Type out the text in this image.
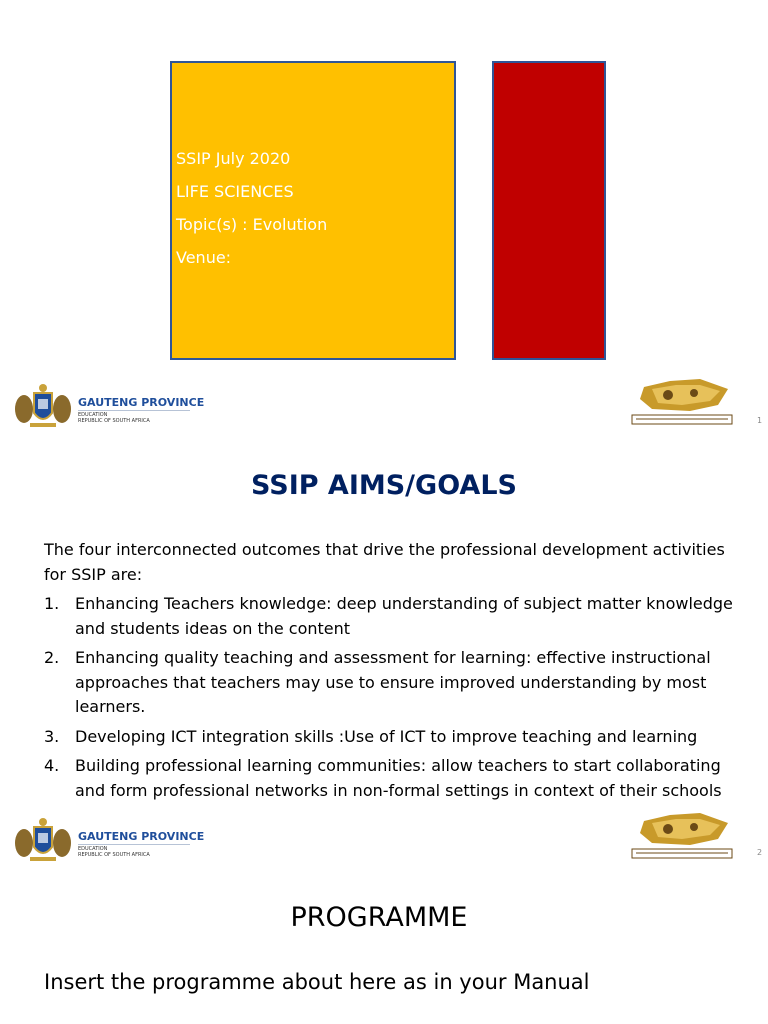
SSIP July 2020
LIFE SCIENCES
Topic(s) : Evolution
Venue:
GAUTENG PROVINCE
EDUCATION
REPUBLIC OF SOUTH AFRICA	1
SSIP AIMS/GOALS
The four interconnected outcomes that drive the professional development activities for SSIP are:
1. Enhancing Teachers knowledge: deep understanding of subject matter knowledge and students ideas on the content
2. Enhancing quality teaching and assessment for learning: effective instructional approaches that teachers may use to ensure improved understanding by most learners.
3. Developing ICT integration skills :Use of ICT to improve teaching and learning
4. Building professional learning communities: allow teachers to start collaborating and form professional networks in non-formal settings in context of their schools
GAUTENG PROVINCE
EDUCATION
REPUBLIC OF SOUTH AFRICA	2
PROGRAMME
Insert the programme about here as in your Manual
